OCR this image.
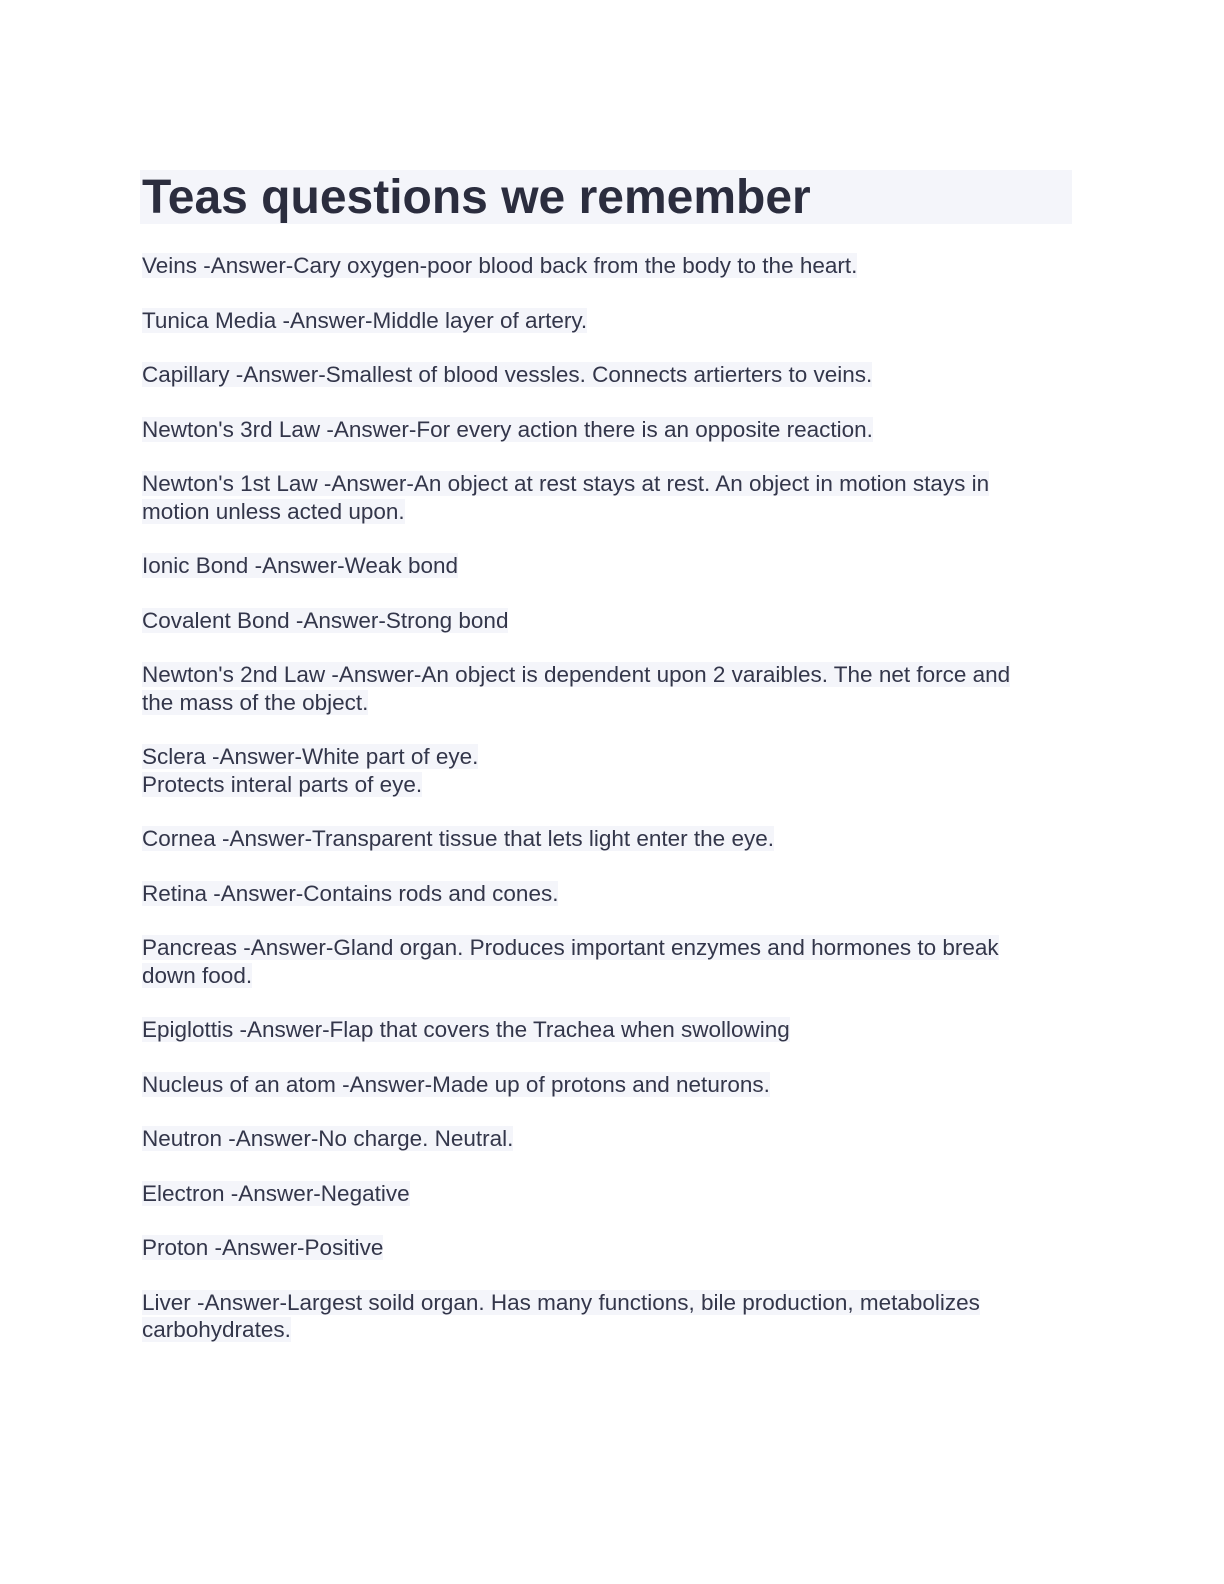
Teas questions we remember

Veins -Answer-Cary oxygen-poor blood back from the body to the heart.

Tunica Media -Answer-Middle layer of artery.

Capillary -Answer-Smallest of blood vessles. Connects artierters to veins.

Newton's 3rd Law -Answer-For every action there is an opposite reaction.

Newton's 1st Law -Answer-An object at rest stays at rest. An object in motion stays in
motion unless acted upon.

Ionic Bond -Answer-Weak bond

Covalent Bond -Answer-Strong bond

Newton's 2nd Law -Answer-An object is dependent upon 2 varaibles. The net force and
the mass of the object.

Sclera -Answer-White part of eye.
Protects interal parts of eye.

Cornea -Answer-Transparent tissue that lets light enter the eye.

Retina -Answer-Contains rods and cones.

Pancreas -Answer-Gland organ. Produces important enzymes and hormones to break
down food.

Epiglottis -Answer-Flap that covers the Trachea when swollowing

Nucleus of an atom -Answer-Made up of protons and neturons.

Neutron -Answer-No charge. Neutral.

Electron -Answer-Negative

Proton -Answer-Positive

Liver -Answer-Largest soild organ. Has many functions, bile production, metabolizes
carbohydrates.
